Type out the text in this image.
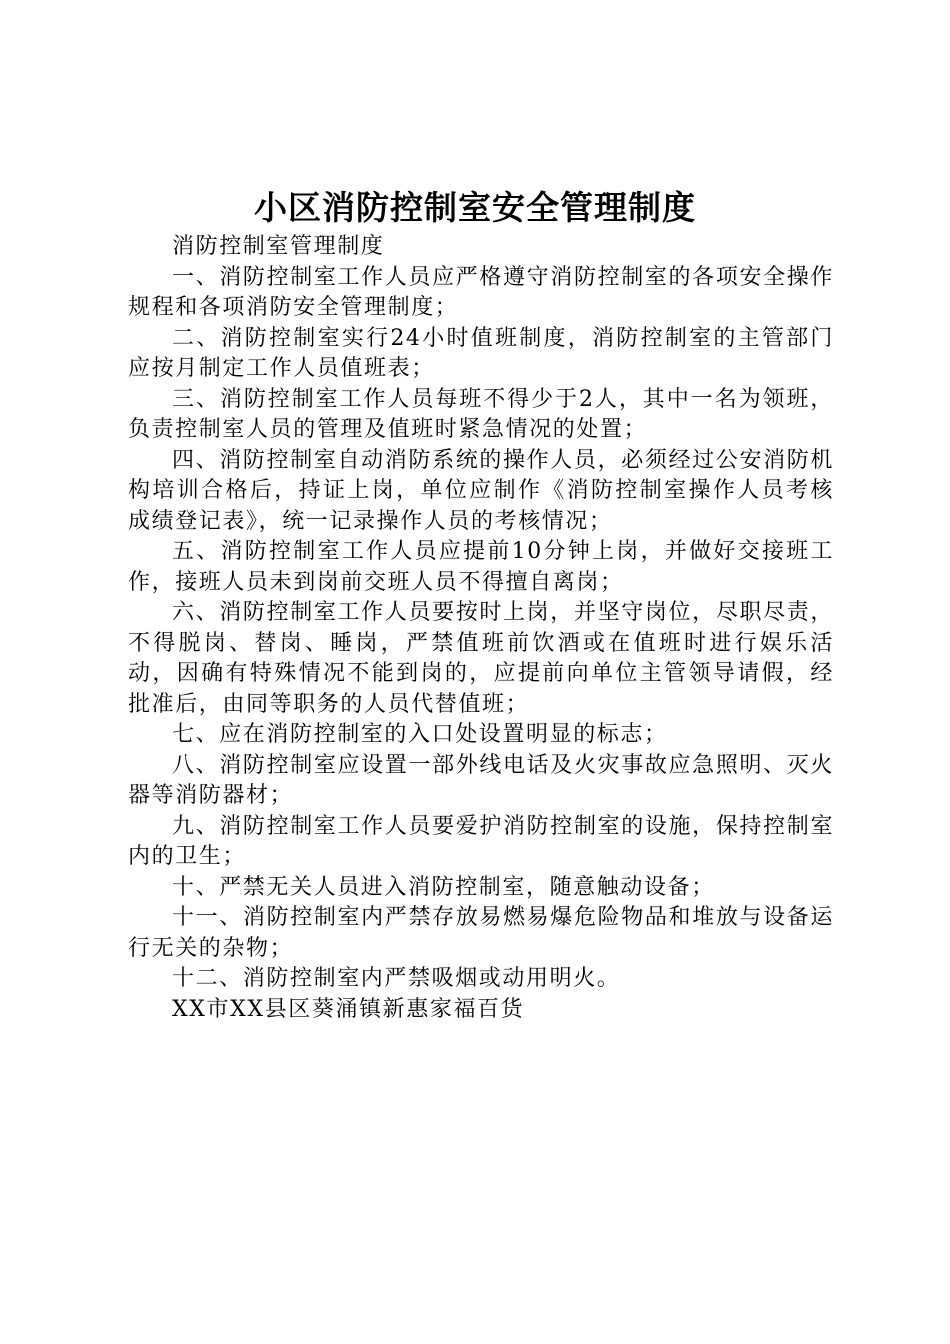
小区消防控制室安全管理制度

消防控制室管理制度

一、消防控制室工作人员应严格遵守消防控制室的各项安全操作规程和各项消防安全管理制度；

二、消防控制室实行24小时值班制度，消防控制室的主管部门应按月制定工作人员值班表；

三、消防控制室工作人员每班不得少于2人，其中一名为领班，负责控制室人员的管理及值班时紧急情况的处置；

四、消防控制室自动消防系统的操作人员，必须经过公安消防机构培训合格后，持证上岗，单位应制作《消防控制室操作人员考核成绩登记表》，统一记录操作人员的考核情况；

五、消防控制室工作人员应提前10分钟上岗，并做好交接班工作，接班人员未到岗前交班人员不得擅自离岗；

六、消防控制室工作人员要按时上岗，并坚守岗位，尽职尽责，不得脱岗、替岗、睡岗，严禁值班前饮酒或在值班时进行娱乐活动，因确有特殊情况不能到岗的，应提前向单位主管领导请假，经批准后，由同等职务的人员代替值班；

七、应在消防控制室的入口处设置明显的标志；

八、消防控制室应设置一部外线电话及火灾事故应急照明、灭火器等消防器材；

九、消防控制室工作人员要爱护消防控制室的设施，保持控制室内的卫生；

十、严禁无关人员进入消防控制室，随意触动设备；

十一、消防控制室内严禁存放易燃易爆危险物品和堆放与设备运行无关的杂物；

十二、消防控制室内严禁吸烟或动用明火。

XX市XX县区葵涌镇新惠家福百货
